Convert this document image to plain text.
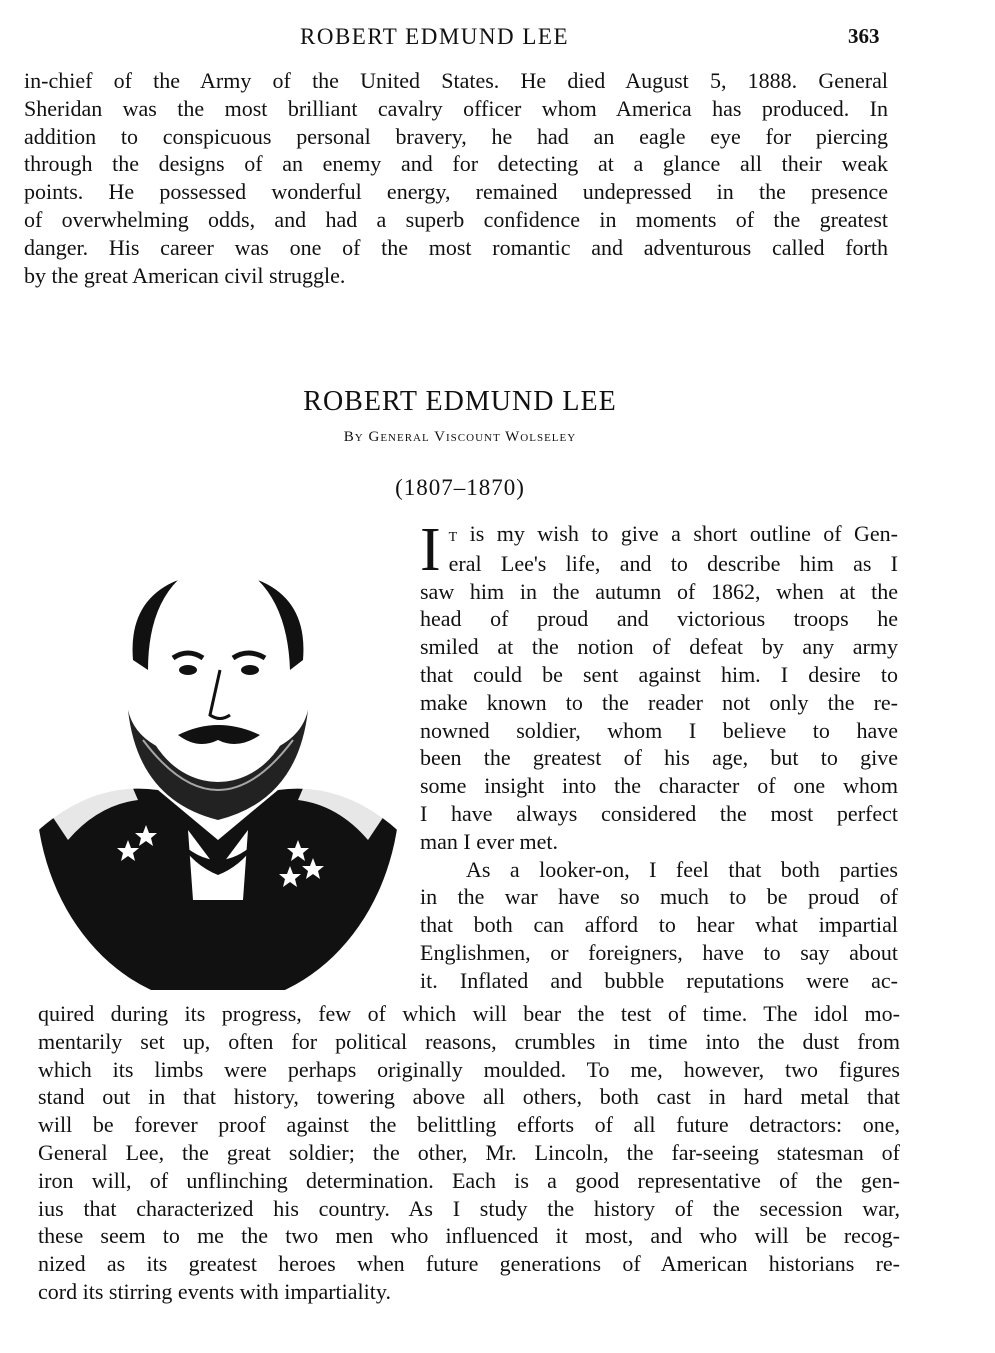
ROBERT EDMUND LEE	363
in-chief of the Army of the United States. He died August 5, 1888. General
Sheridan was the most brilliant cavalry officer whom America has produced. In
addition to conspicuous personal bravery, he had an eagle eye for piercing
through the designs of an enemy and for detecting at a glance all their weak
points. He possessed wonderful energy, remained undepressed in the presence
of overwhelming odds, and had a superb confidence in moments of the greatest
danger. His career was one of the most romantic and adventurous called forth
by the great American civil struggle.
ROBERT EDMUND LEE
By General Viscount Wolseley
(1807–1870)
I t is my wish to give a short outline of Gen-
eral Lee's life, and to describe him as I
saw him in the autumn of 1862, when at the
head of proud and victorious troops he
smiled at the notion of defeat by any army
that could be sent against him. I desire to
make known to the reader not only the re-
nowned soldier, whom I believe to have
been the greatest of his age, but to give
some insight into the character of one whom
I have always considered the most perfect
man I ever met.
As a looker-on, I feel that both parties
in the war have so much to be proud of
that both can afford to hear what impartial
Englishmen, or foreigners, have to say about
it. Inflated and bubble reputations were ac-
quired during its progress, few of which will bear the test of time. The idol mo-
mentarily set up, often for political reasons, crumbles in time into the dust from
which its limbs were perhaps originally moulded. To me, however, two figures
stand out in that history, towering above all others, both cast in hard metal that
will be forever proof against the belittling efforts of all future detractors: one,
General Lee, the great soldier; the other, Mr. Lincoln, the far-seeing statesman of
iron will, of unflinching determination. Each is a good representative of the gen-
ius that characterized his country. As I study the history of the secession war,
these seem to me the two men who influenced it most, and who will be recog-
nized as its greatest heroes when future generations of American historians re-
cord its stirring events with impartiality.
